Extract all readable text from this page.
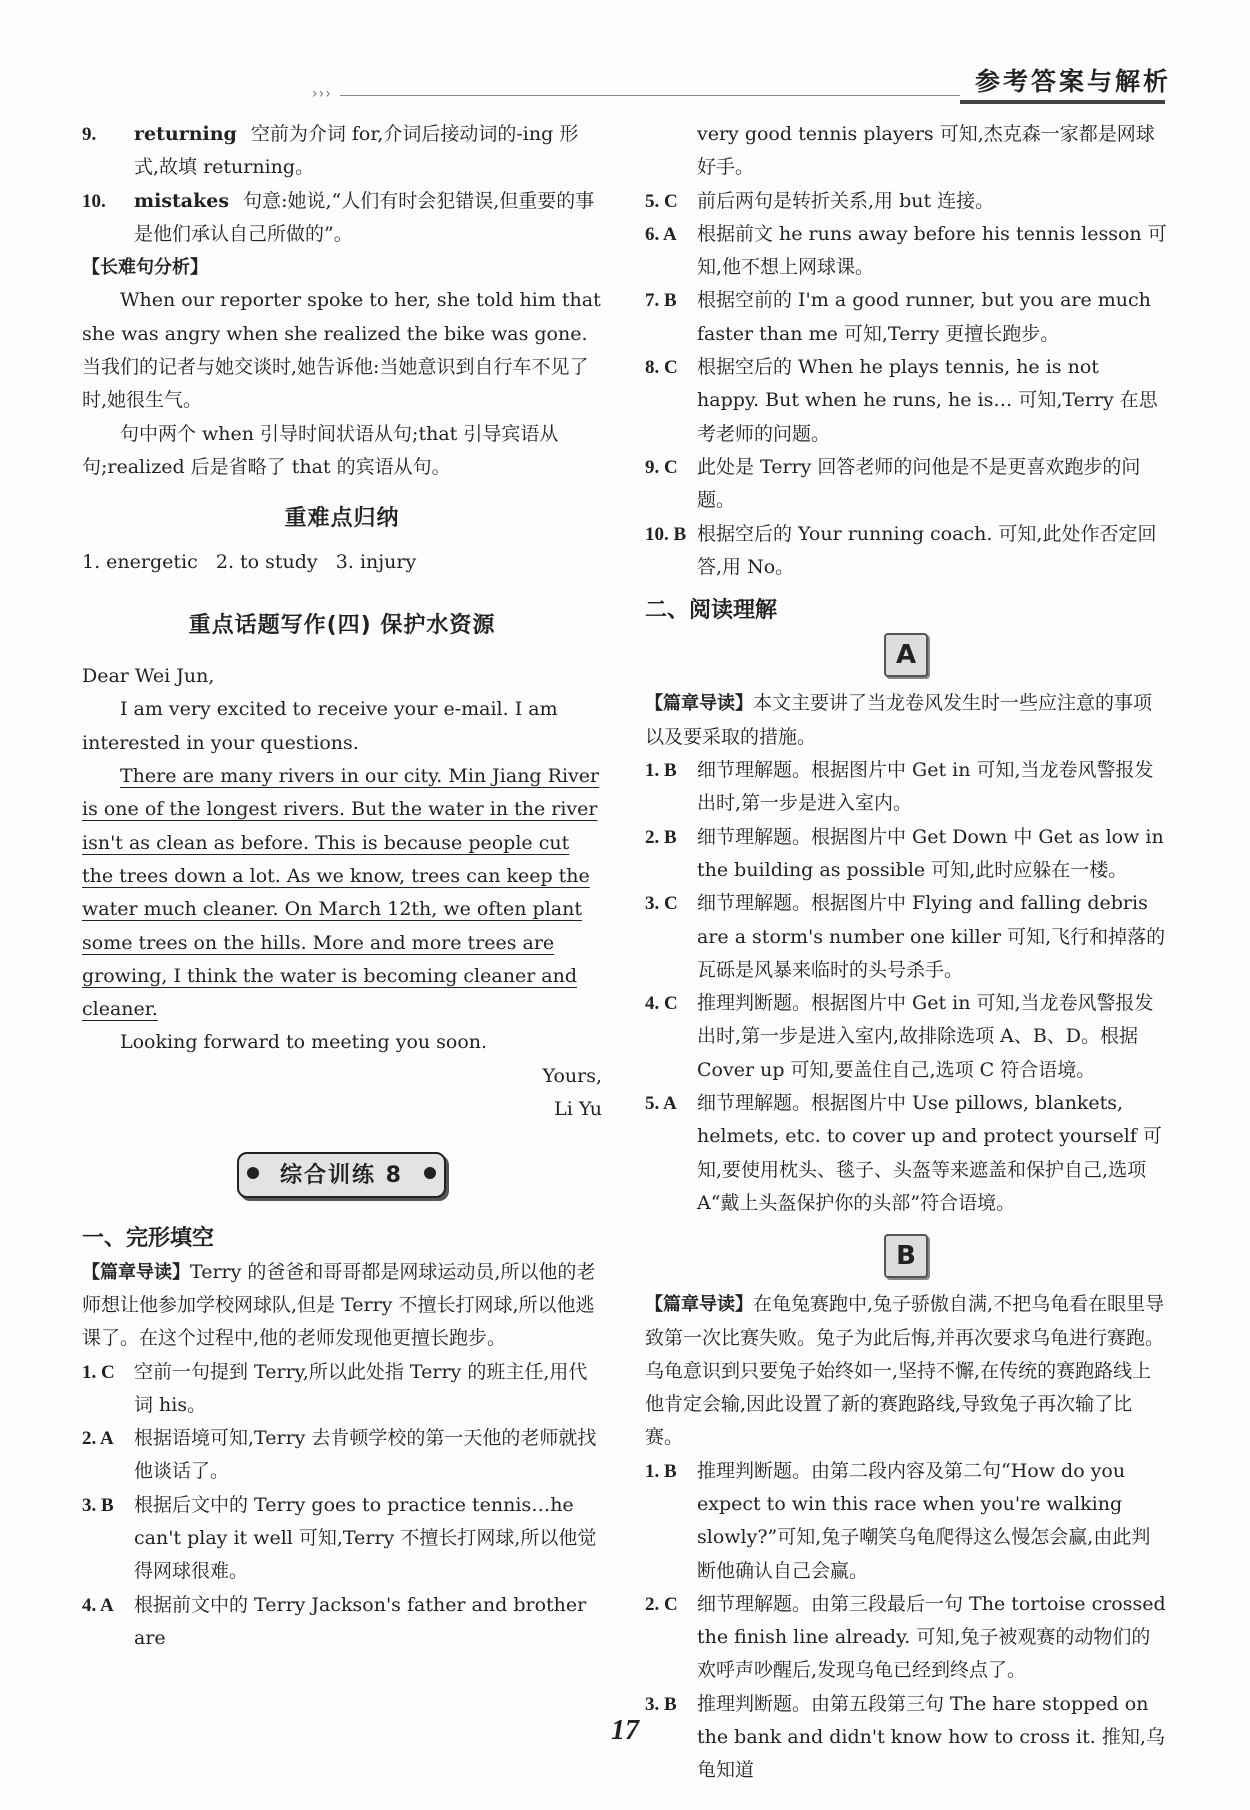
›››	参考答案与解析
9. returning 空前为介词 for,介词后接动词的-ing 形式,故填 returning。
10. mistakes 句意:她说,“人们有时会犯错误,但重要的事是他们承认自己所做的”。
【长难句分析】
When our reporter spoke to her, she told him that she was angry when she realized the bike was gone. 当我们的记者与她交谈时,她告诉他:当她意识到自行车不见了时,她很生气。
句中两个 when 引导时间状语从句;that 引导宾语从句;realized 后是省略了 that 的宾语从句。
重难点归纳
1. energetic   2. to study   3. injury
重点话题写作(四) 保护水资源
Dear Wei Jun,
I am very excited to receive your e-mail. I am interested in your questions.
There are many rivers in our city. Min Jiang River is one of the longest rivers. But the water in the river isn't as clean as before. This is because people cut the trees down a lot. As we know, trees can keep the water much cleaner. On March 12th, we often plant some trees on the hills. More and more trees are growing, I think the water is becoming cleaner and cleaner.
Looking forward to meeting you soon.
Yours,
Li Yu
综合训练 8
一、完形填空
【篇章导读】Terry 的爸爸和哥哥都是网球运动员,所以他的老师想让他参加学校网球队,但是 Terry 不擅长打网球,所以他逃课了。在这个过程中,他的老师发现他更擅长跑步。
1. C 空前一句提到 Terry,所以此处指 Terry 的班主任,用代词 his。
2. A 根据语境可知,Terry 去肯顿学校的第一天他的老师就找他谈话了。
3. B 根据后文中的 Terry goes to practice tennis…he can't play it well 可知,Terry 不擅长打网球,所以他觉得网球很难。
4. A 根据前文中的 Terry Jackson's father and brother are
very good tennis players 可知,杰克森一家都是网球好手。
5. C 前后两句是转折关系,用 but 连接。
6. A 根据前文 he runs away before his tennis lesson 可知,他不想上网球课。
7. B 根据空前的 I'm a good runner, but you are much faster than me 可知,Terry 更擅长跑步。
8. C 根据空后的 When he plays tennis, he is not happy. But when he runs, he is… 可知,Terry 在思考老师的问题。
9. C 此处是 Terry 回答老师的问他是不是更喜欢跑步的问题。
10. B 根据空后的 Your running coach. 可知,此处作否定回答,用 No。
二、阅读理解
A
【篇章导读】本文主要讲了当龙卷风发生时一些应注意的事项以及要采取的措施。
1. B 细节理解题。根据图片中 Get in 可知,当龙卷风警报发出时,第一步是进入室内。
2. B 细节理解题。根据图片中 Get Down 中 Get as low in the building as possible 可知,此时应躲在一楼。
3. C 细节理解题。根据图片中 Flying and falling debris are a storm's number one killer 可知,飞行和掉落的瓦砾是风暴来临时的头号杀手。
4. C 推理判断题。根据图片中 Get in 可知,当龙卷风警报发出时,第一步是进入室内,故排除选项 A、B、D。根据 Cover up 可知,要盖住自己,选项 C 符合语境。
5. A 细节理解题。根据图片中 Use pillows, blankets, helmets, etc. to cover up and protect yourself 可知,要使用枕头、毯子、头盔等来遮盖和保护自己,选项 A“戴上头盔保护你的头部”符合语境。
B
【篇章导读】在龟兔赛跑中,兔子骄傲自满,不把乌龟看在眼里导致第一次比赛失败。兔子为此后悔,并再次要求乌龟进行赛跑。乌龟意识到只要兔子始终如一,坚持不懈,在传统的赛跑路线上他肯定会输,因此设置了新的赛跑路线,导致兔子再次输了比赛。
1. B 推理判断题。由第二段内容及第二句“How do you expect to win this race when you're walking slowly?”可知,兔子嘲笑乌龟爬得这么慢怎会赢,由此判断他确认自己会赢。
2. C 细节理解题。由第三段最后一句 The tortoise crossed the finish line already. 可知,兔子被观赛的动物们的欢呼声吵醒后,发现乌龟已经到终点了。
3. B 推理判断题。由第五段第三句 The hare stopped on the bank and didn't know how to cross it. 推知,乌龟知道
17
